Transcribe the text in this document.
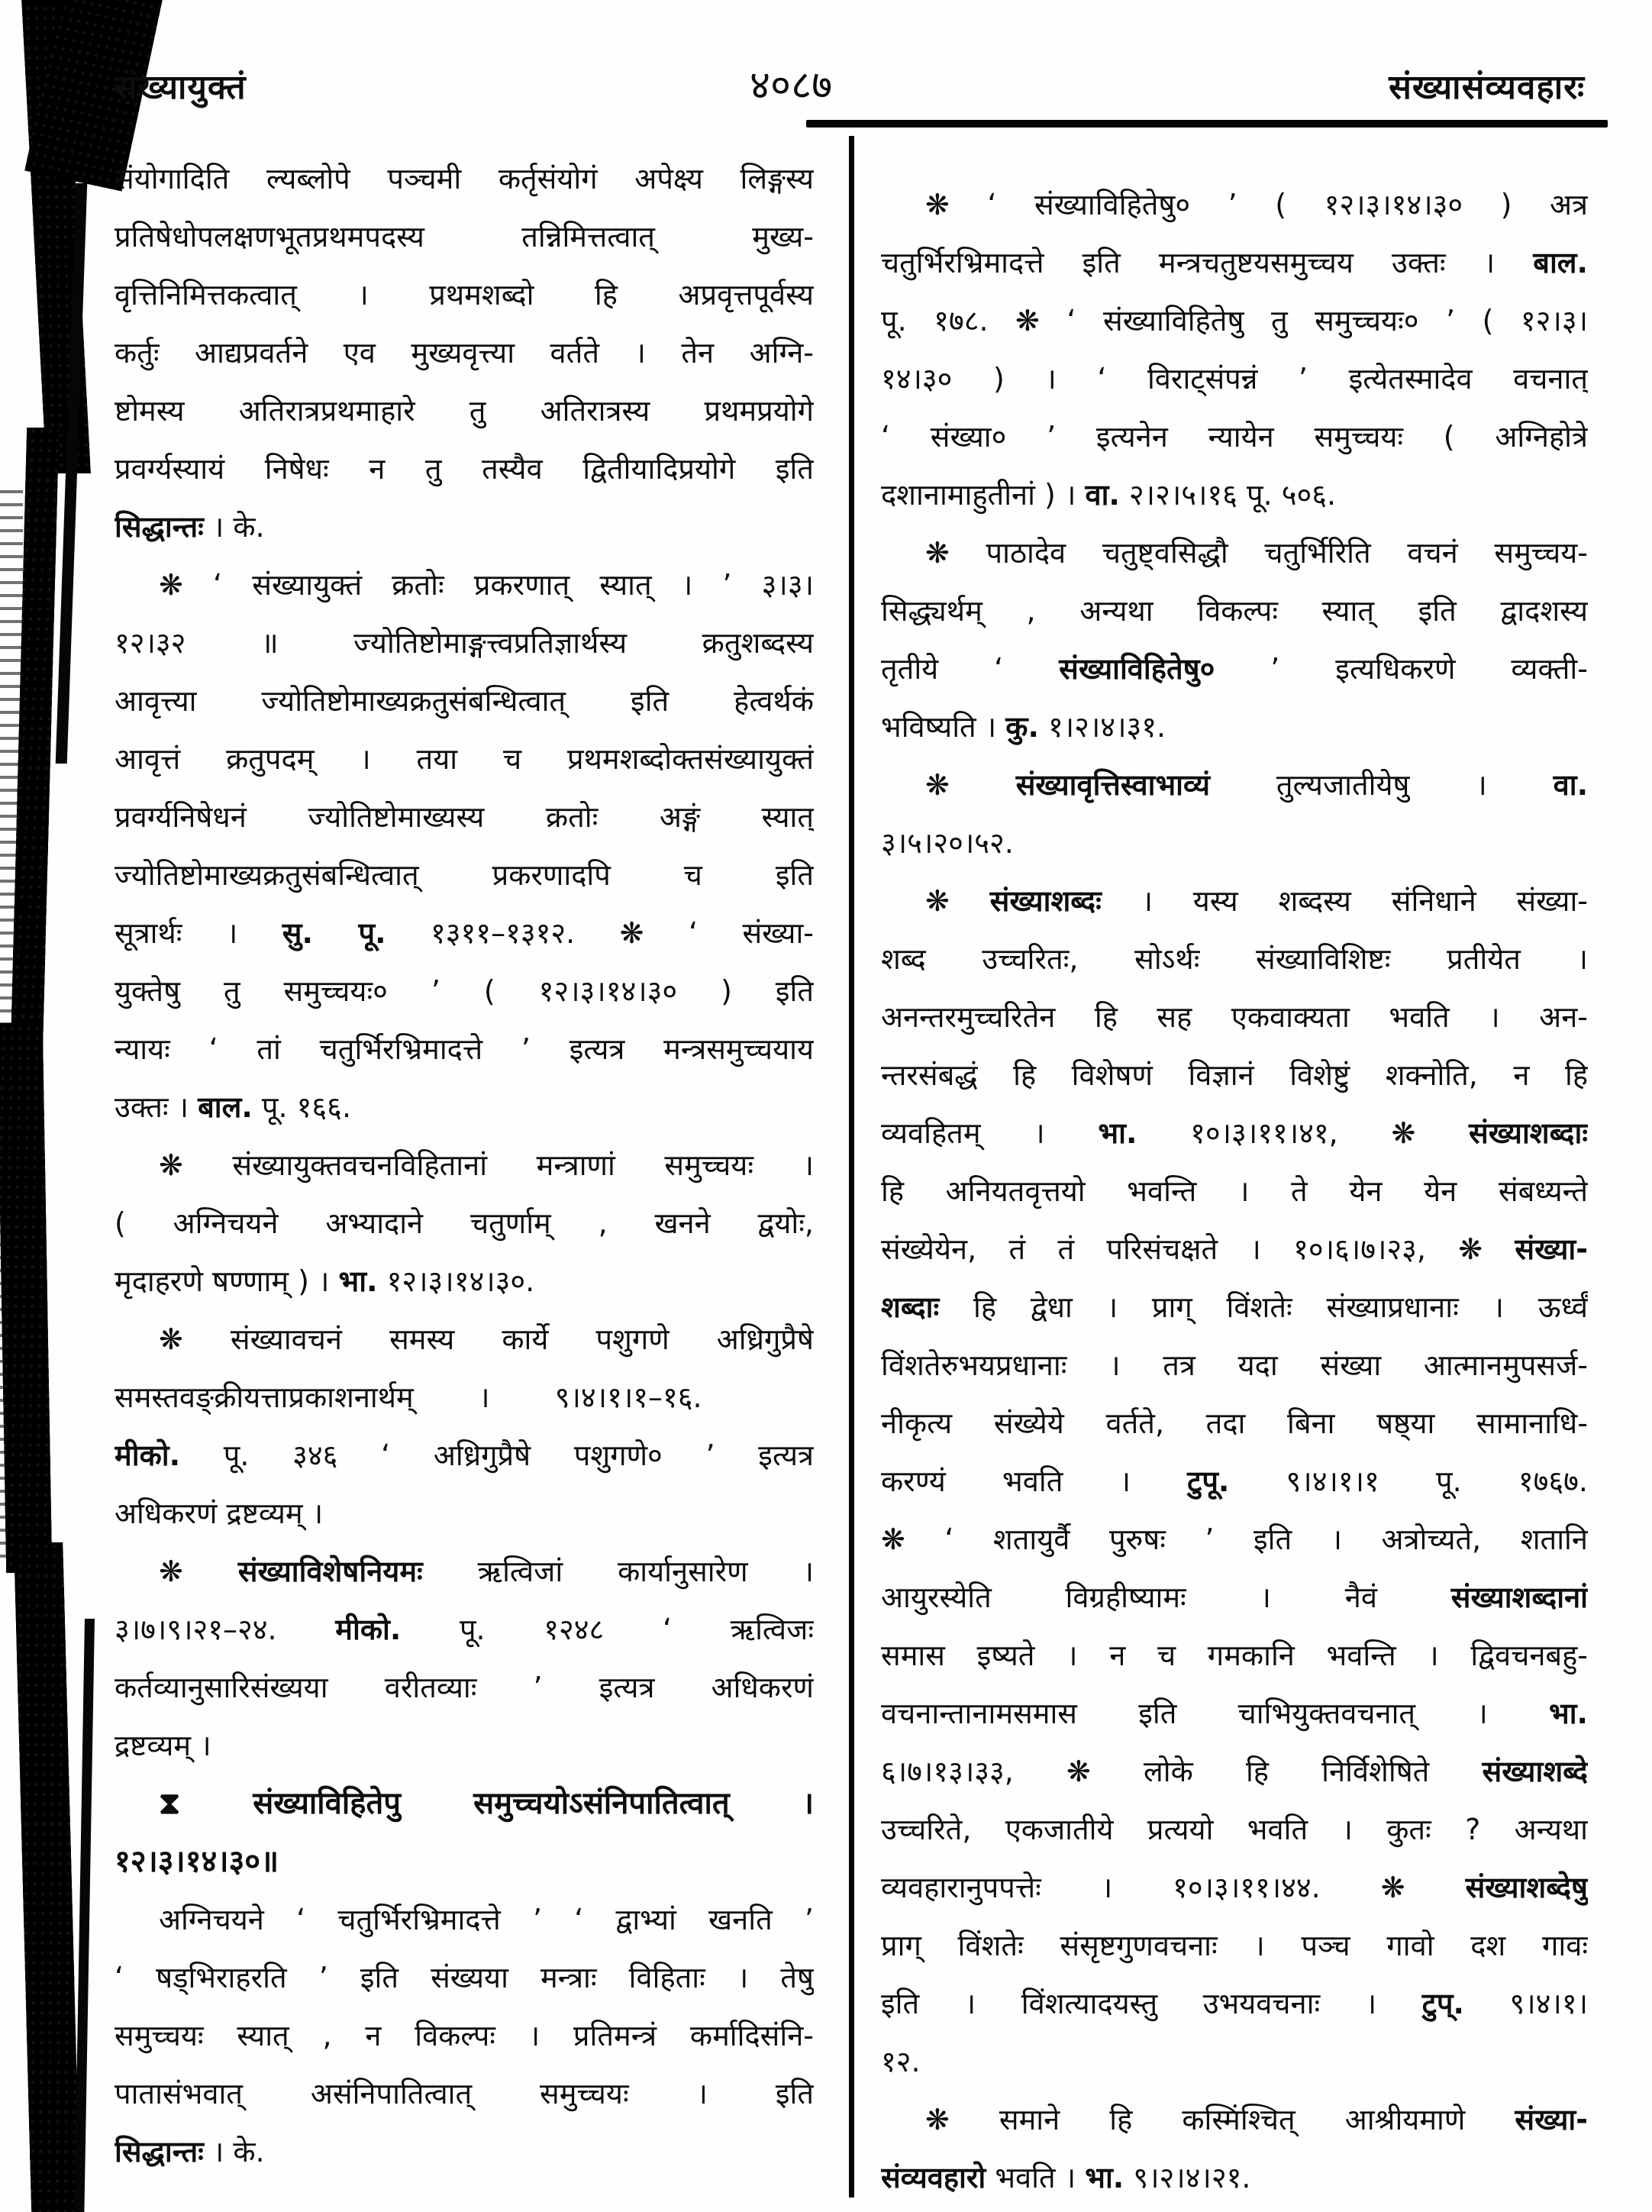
संख्यायुक्तं	४०८७	संख्यासंव्यवहारः
संयोगादिति ल्यब्लोपे पञ्चमी कर्तृसंयोगं अपेक्ष्य लिङ्गस्य
प्रतिषेधोपलक्षणभूतप्रथमपदस्य तन्निमित्तत्वात् मुख्य-
वृत्तिनिमित्तकत्वात् । प्रथमशब्दो हि अप्रवृत्तपूर्वस्य
कर्तुः आद्यप्रवर्तने एव मुख्यवृत्त्या वर्तते । तेन अग्नि-
ष्टोमस्य अतिरात्रप्रथमाहारे तु अतिरात्रस्य प्रथमप्रयोगे
प्रवर्ग्यस्यायं निषेधः न तु तस्यैव द्वितीयादिप्रयोगे इति
सिद्धान्तः । के.
❋ ‘ संख्यायुक्तं क्रतोः प्रकरणात् स्यात् । ’ ३।३।
१२।३२ ॥ ज्योतिष्टोमाङ्गत्त्वप्रतिज्ञार्थस्य क्रतुशब्दस्य
आवृत्त्या ज्योतिष्टोमाख्यक्रतुसंबन्धित्वात् इति हेत्वर्थकं
आवृत्तं क्रतुपदम् । तया च प्रथमशब्दोक्तसंख्यायुक्तं
प्रवर्ग्यनिषेधनं ज्योतिष्टोमाख्यस्य क्रतोः अङ्गं स्यात्
ज्योतिष्टोमाख्यक्रतुसंबन्धित्वात् प्रकरणादपि च इति
सूत्रार्थः । सु. पू. १३११–१३१२. ❋ ‘ संख्या-
युक्तेषु तु समुच्चयः० ’ ( १२।३।१४।३० ) इति
न्यायः ‘ तां चतुर्भिरभ्रिमादत्ते ’ इत्यत्र मन्त्रसमुच्चयाय
उक्तः । बाल. पू. १६६.
❋ संख्यायुक्तवचनविहितानां मन्त्राणां समुच्चयः ।
( अग्निचयने अभ्यादाने चतुर्णाम् , खनने द्वयोः,
मृदाहरणे षण्णाम् ) । भा. १२।३।१४।३०.
❋ संख्यावचनं समस्य कार्ये पशुगणे अध्रिगुप्रैषे
समस्तवङ्क्रीयत्ताप्रकाशनार्थम् । ९।४।१।१–१६.
मीको. पू. ३४६ ‘ अध्रिगुप्रैषे पशुगणे० ’ इत्यत्र
अधिकरणं द्रष्टव्यम् ।
❋ संख्याविशेषनियमः ऋत्विजां कार्यानुसारेण ।
३।७।९।२१–२४. मीको. पू. १२४८ ‘ ऋत्विजः
कर्तव्यानुसारिसंख्यया वरीतव्याः ’ इत्यत्र अधिकरणं
द्रष्टव्यम् ।
⧗ संख्याविहितेपु समुच्चयोऽसंनिपातित्वात् ।
१२।३।१४।३०॥
अग्निचयने ‘ चतुर्भिरभ्रिमादत्ते ’ ‘ द्वाभ्यां खनति ’
‘ षड्भिराहरति ’ इति संख्यया मन्त्राः विहिताः । तेषु
समुच्चयः स्यात् , न विकल्पः । प्रतिमन्त्रं कर्मादिसंनि-
पातासंभवात् असंनिपातित्वात् समुच्चयः । इति
सिद्धान्तः । के.
❋ ‘ संख्याविहितेषु० ’ ( १२।३।१४।३० ) अत्र
चतुर्भिरभ्रिमादत्ते इति मन्त्रचतुष्टयसमुच्चय उक्तः । बाल.
पू. १७८. ❋ ‘ संख्याविहितेषु तु समुच्चयः० ’ ( १२।३।
१४।३० ) । ‘ विराट्संपन्नं ’ इत्येतस्मादेव वचनात्
‘ संख्या० ’ इत्यनेन न्यायेन समुच्चयः ( अग्निहोत्रे
दशानामाहुतीनां ) । वा. २।२।५।१६ पू. ५०६.
❋ पाठादेव चतुष्ट्वसिद्धौ चतुर्भिरिति वचनं समुच्चय-
सिद्ध्यर्थम् , अन्यथा विकल्पः स्यात् इति द्वादशस्य
तृतीये ‘ संख्याविहितेषु० ’ इत्यधिकरणे व्यक्ती-
भविष्यति । कु. १।२।४।३१.
❋ संख्यावृत्तिस्वाभाव्यं तुल्यजातीयेषु । वा.
३।५।२०।५२.
❋ संख्याशब्दः । यस्य शब्दस्य संनिधाने संख्या-
शब्द उच्चरितः, सोऽर्थः संख्याविशिष्टः प्रतीयेत ।
अनन्तरमुच्चरितेन हि सह एकवाक्यता भवति । अन-
न्तरसंबद्धं हि विशेषणं विज्ञानं विशेष्टुं शक्नोति, न हि
व्यवहितम् । भा. १०।३।११।४१, ❋ संख्याशब्दाः
हि अनियतवृत्तयो भवन्ति । ते येन येन संबध्यन्ते
संख्येयेन, तं तं परिसंचक्षते । १०।६।७।२३, ❋ संख्या-
शब्दाः हि द्वेधा । प्राग् विंशतेः संख्याप्रधानाः । ऊर्ध्वं
विंशतेरुभयप्रधानाः । तत्र यदा संख्या आत्मानमुपसर्ज-
नीकृत्य संख्येये वर्तते, तदा बिना षष्ठ्या सामानाधि-
करण्यं भवति । टुपू. ९।४।१।१ पू. १७६७.
❋ ‘ शतायुर्वै पुरुषः ’ इति । अत्रोच्यते, शतानि
आयुरस्येति विग्रहीष्यामः । नैवं संख्याशब्दानां
समास इष्यते । न च गमकानि भवन्ति । द्विवचनबहु-
वचनान्तानामसमास इति चाभियुक्तवचनात् । भा.
६।७।१३।३३, ❋ लोके हि निर्विशेषिते संख्याशब्दे
उच्चरिते, एकजातीये प्रत्ययो भवति । कुतः ? अन्यथा
व्यवहारानुपपत्तेः । १०।३।११।४४. ❋ संख्याशब्देषु
प्राग् विंशतेः संसृष्टगुणवचनाः । पञ्च गावो दश गावः
इति । विंशत्यादयस्तु उभयवचनाः । टुप्. ९।४।१।
१२.
❋ समाने हि कस्मिंश्चित् आश्रीयमाणे संख्या-
संव्यवहारो भवति । भा. ९।२।४।२१.
